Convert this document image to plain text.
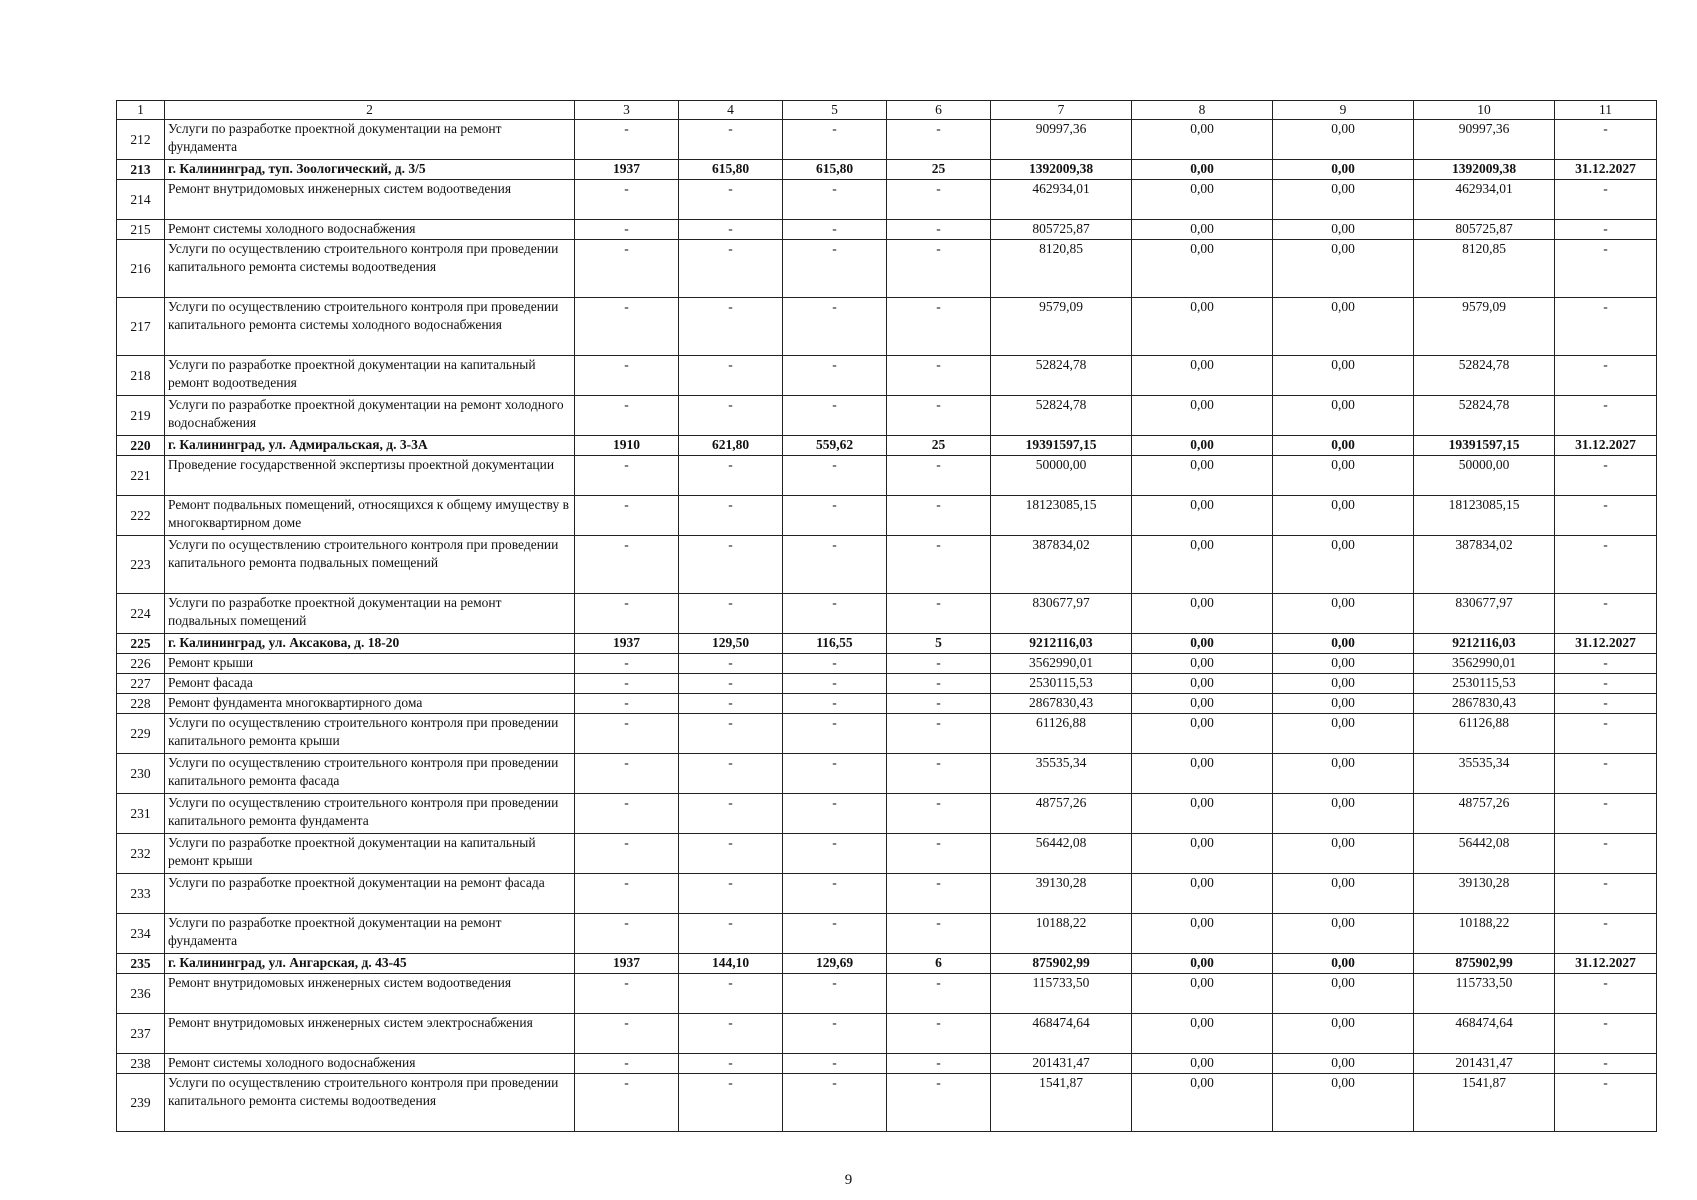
1	2	3	4	5	6	7	8	9	10	11
212	Услуги по разработке проектной документации на ремонт фундамента	-	-	-	-	90997,36	0,00	0,00	90997,36	-
213	г. Калининград, туп. Зоологический, д. 3/5	1937	615,80	615,80	25	1392009,38	0,00	0,00	1392009,38	31.12.2027
214	Ремонт внутридомовых инженерных систем водоотведения	-	-	-	-	462934,01	0,00	0,00	462934,01	-
215	Ремонт системы холодного водоснабжения	-	-	-	-	805725,87	0,00	0,00	805725,87	-
216	Услуги по осуществлению строительного контроля при проведении капитального ремонта системы водоотведения	-	-	-	-	8120,85	0,00	0,00	8120,85	-
217	Услуги по осуществлению строительного контроля при проведении капитального ремонта системы холодного водоснабжения	-	-	-	-	9579,09	0,00	0,00	9579,09	-
218	Услуги по разработке проектной документации на капитальный ремонт водоотведения	-	-	-	-	52824,78	0,00	0,00	52824,78	-
219	Услуги по разработке проектной документации на ремонт холодного водоснабжения	-	-	-	-	52824,78	0,00	0,00	52824,78	-
220	г. Калининград, ул. Адмиральская, д. 3-3А	1910	621,80	559,62	25	19391597,15	0,00	0,00	19391597,15	31.12.2027
221	Проведение государственной экспертизы проектной документации	-	-	-	-	50000,00	0,00	0,00	50000,00	-
222	Ремонт подвальных помещений, относящихся к общему имуществу в многоквартирном доме	-	-	-	-	18123085,15	0,00	0,00	18123085,15	-
223	Услуги по осуществлению строительного контроля при проведении капитального ремонта подвальных помещений	-	-	-	-	387834,02	0,00	0,00	387834,02	-
224	Услуги по разработке проектной документации на ремонт подвальных помещений	-	-	-	-	830677,97	0,00	0,00	830677,97	-
225	г. Калининград, ул. Аксакова, д. 18-20	1937	129,50	116,55	5	9212116,03	0,00	0,00	9212116,03	31.12.2027
226	Ремонт крыши	-	-	-	-	3562990,01	0,00	0,00	3562990,01	-
227	Ремонт фасада	-	-	-	-	2530115,53	0,00	0,00	2530115,53	-
228	Ремонт фундамента многоквартирного дома	-	-	-	-	2867830,43	0,00	0,00	2867830,43	-
229	Услуги по осуществлению строительного контроля при проведении капитального ремонта крыши	-	-	-	-	61126,88	0,00	0,00	61126,88	-
230	Услуги по осуществлению строительного контроля при проведении капитального ремонта фасада	-	-	-	-	35535,34	0,00	0,00	35535,34	-
231	Услуги по осуществлению строительного контроля при проведении капитального ремонта фундамента	-	-	-	-	48757,26	0,00	0,00	48757,26	-
232	Услуги по разработке проектной документации на капитальный ремонт крыши	-	-	-	-	56442,08	0,00	0,00	56442,08	-
233	Услуги по разработке проектной документации на ремонт фасада	-	-	-	-	39130,28	0,00	0,00	39130,28	-
234	Услуги по разработке проектной документации на ремонт фундамента	-	-	-	-	10188,22	0,00	0,00	10188,22	-
235	г. Калининград, ул. Ангарская, д. 43-45	1937	144,10	129,69	6	875902,99	0,00	0,00	875902,99	31.12.2027
236	Ремонт внутридомовых инженерных систем водоотведения	-	-	-	-	115733,50	0,00	0,00	115733,50	-
237	Ремонт внутридомовых инженерных систем электроснабжения	-	-	-	-	468474,64	0,00	0,00	468474,64	-
238	Ремонт системы холодного водоснабжения	-	-	-	-	201431,47	0,00	0,00	201431,47	-
239	Услуги по осуществлению строительного контроля при проведении капитального ремонта системы водоотведения	-	-	-	-	1541,87	0,00	0,00	1541,87	-
9
